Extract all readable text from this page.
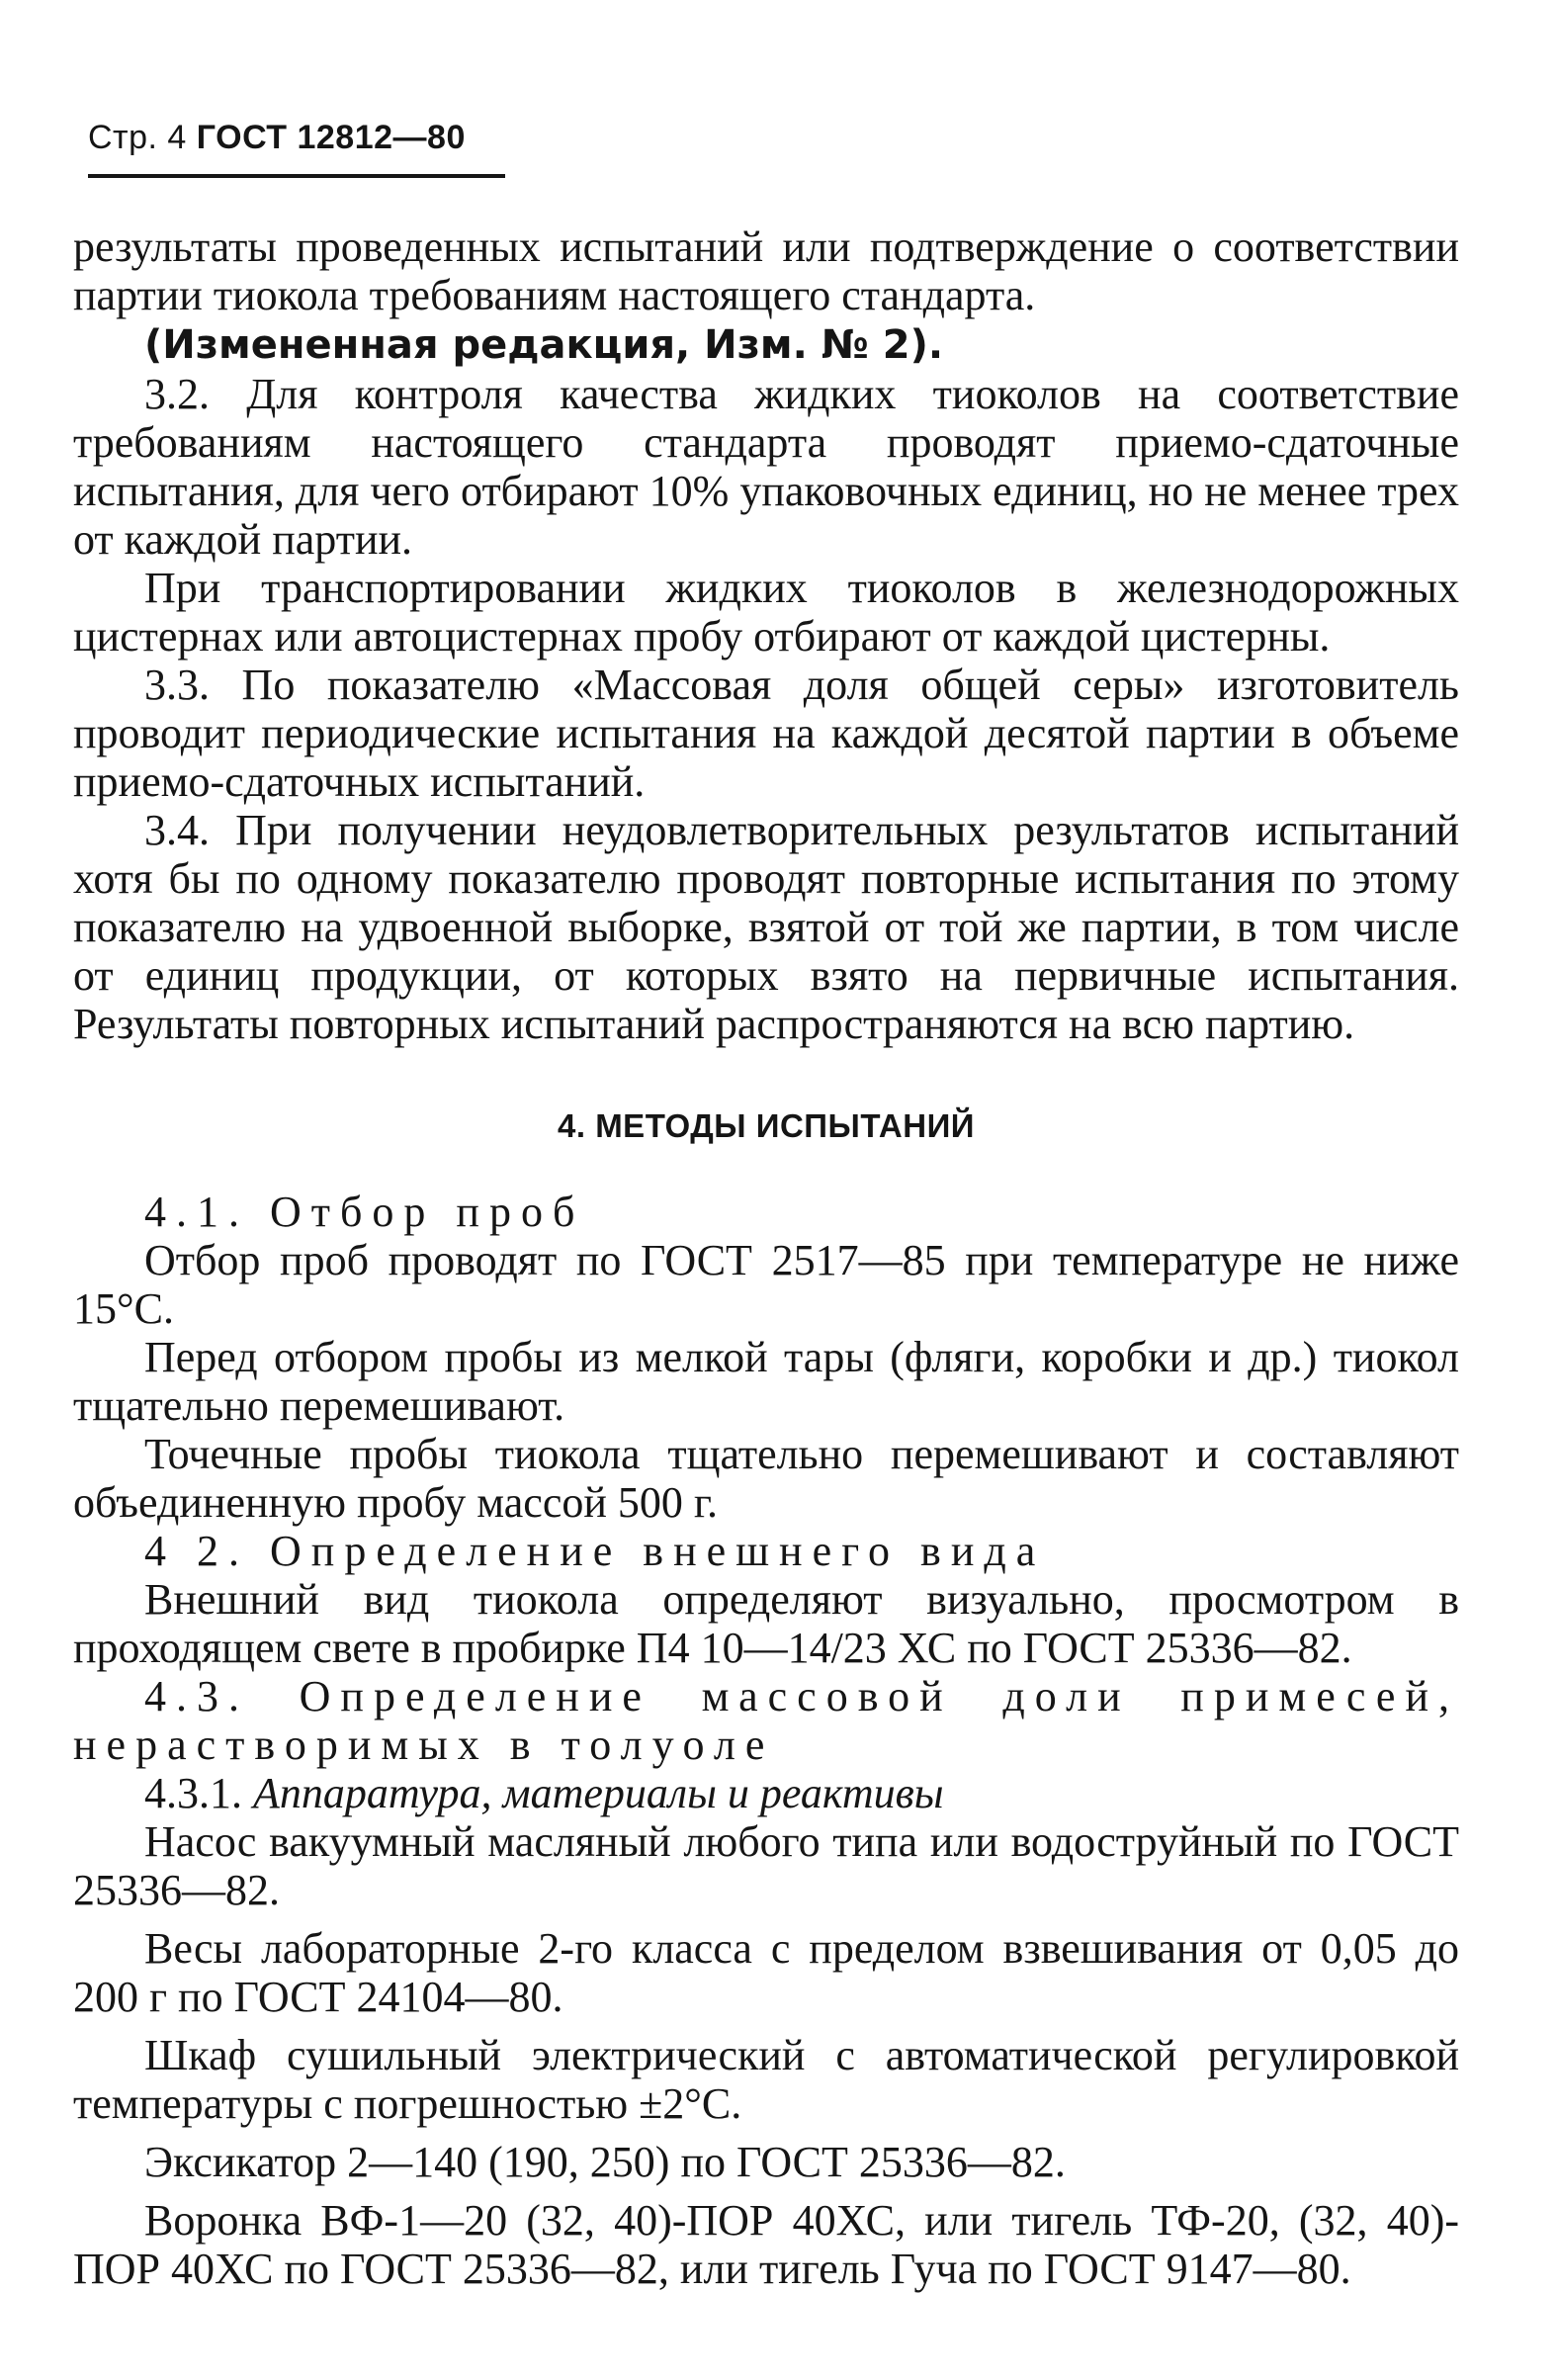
Стр. 4 ГОСТ 12812—80

результаты проведенных испытаний или подтверждение о соответствии партии тиокола требованиям настоящего стандарта.

(Измененная редакция, Изм. № 2).

3.2. Для контроля качества жидких тиоколов на соответствие требованиям настоящего стандарта проводят приемо-сдаточные испытания, для чего отбирают 10% упаковочных единиц, но не менее трех от каждой партии.

При транспортировании жидких тиоколов в железнодорожных цистернах или автоцистернах пробу отбирают от каждой цистерны.

3.3. По показателю «Массовая доля общей серы» изготовитель проводит периодические испытания на каждой десятой партии в объеме приемо-сдаточных испытаний.

3.4. При получении неудовлетворительных результатов испытаний хотя бы по одному показателю проводят повторные испытания по этому показателю на удвоенной выборке, взятой от той же партии, в том числе от единиц продукции, от которых взято на первичные испытания. Результаты повторных испытаний распространяются на всю партию.

4. МЕТОДЫ ИСПЫТАНИЙ

4.1. Отбор проб

Отбор проб проводят по ГОСТ 2517—85 при температуре не ниже 15°С.

Перед отбором пробы из мелкой тары (фляги, коробки и др.) тиокол тщательно перемешивают.

Точечные пробы тиокола тщательно перемешивают и составляют объединенную пробу массой 500 г.

4 2. Определение внешнего вида

Внешний вид тиокола определяют визуально, просмотром в проходящем свете в пробирке П4 10—14/23 ХС по ГОСТ 25336—82.

4.3. Определение массовой доли примесей, нерастворимых в толуоле

4.3.1. Аппаратура, материалы и реактивы

Насос вакуумный масляный любого типа или водоструйный по ГОСТ 25336—82.

Весы лабораторные 2-го класса с пределом взвешивания от 0,05 до 200 г по ГОСТ 24104—80.

Шкаф сушильный электрический с автоматической регулировкой температуры с погрешностью ±2°С.

Эксикатор 2—140 (190, 250) по ГОСТ 25336—82.

Воронка ВФ-1—20 (32, 40)-ПОР 40ХС, или тигель ТФ-20, (32, 40)-ПОР 40ХС по ГОСТ 25336—82, или тигель Гуча по ГОСТ 9147—80.
